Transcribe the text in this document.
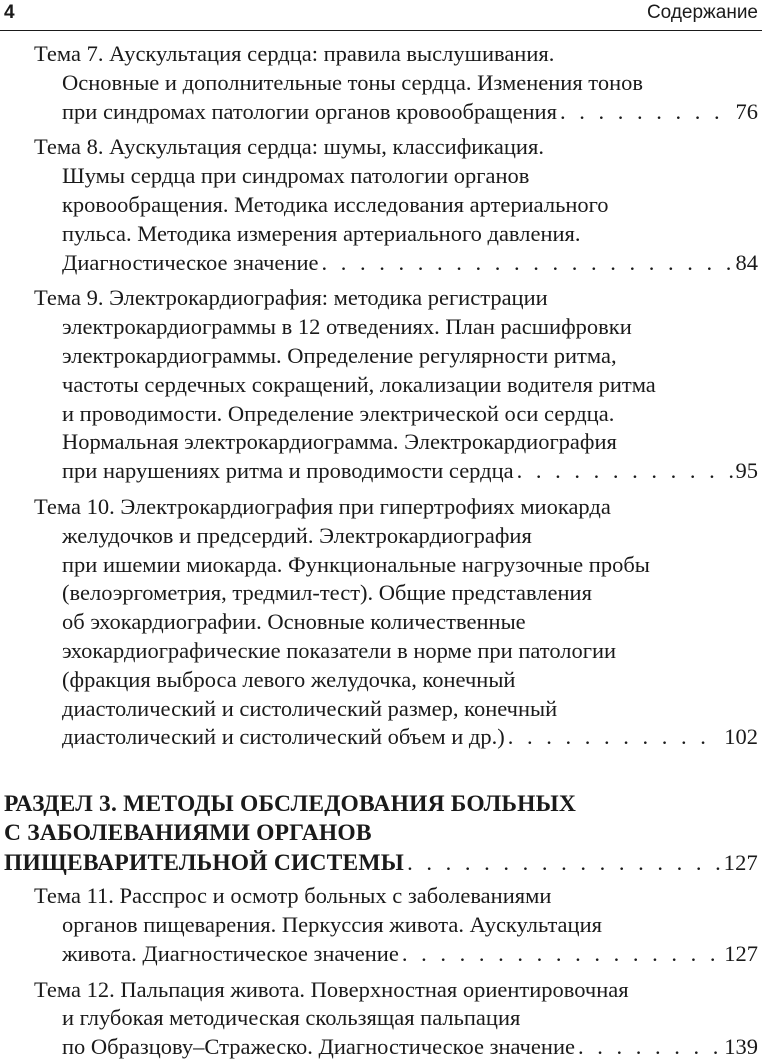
4	Содержание
Тема 7. Аускультация сердца: правила выслушивания.
Основные и дополнительные тоны сердца. Изменения тонов
при синдромах патологии органов кровообращения . . .	76
Тема 8. Аускультация сердца: шумы, классификация.
Шумы сердца при синдромах патологии органов
кровообращения. Методика исследования артериального
пульса. Методика измерения артериального давления.
Диагностическое значение . . .	84
Тема 9. Электрокардиография: методика регистрации
электрокардиограммы в 12 отведениях. План расшифровки
электрокардиограммы. Определение регулярности ритма,
частоты сердечных сокращений, локализации водителя ритма
и проводимости. Определение электрической оси сердца.
Нормальная электрокардиограмма. Электрокардиография
при нарушениях ритма и проводимости сердца . . .	95
Тема 10. Электрокардиография при гипертрофиях миокарда
желудочков и предсердий. Электрокардиография
при ишемии миокарда. Функциональные нагрузочные пробы
(велоэргометрия, тредмил-тест). Общие представления
об эхокардиографии. Основные количественные
эхокардиографические показатели в норме при патологии
(фракция выброса левого желудочка, конечный
диастолический и систолический размер, конечный
диастолический и систолический объем и др.) . . .	102
РАЗДЕЛ 3. МЕТОДЫ ОБСЛЕДОВАНИЯ БОЛЬНЫХ
С ЗАБОЛЕВАНИЯМИ ОРГАНОВ
ПИЩЕВАРИТЕЛЬНОЙ СИСТЕМЫ . . .	127
Тема 11. Расспрос и осмотр больных с заболеваниями
органов пищеварения. Перкуссия живота. Аускультация
живота. Диагностическое значение . . .	127
Тема 12. Пальпация живота. Поверхностная ориентировочная
и глубокая методическая скользящая пальпация
по Образцову–Стражеско. Диагностическое значение . . .	139
